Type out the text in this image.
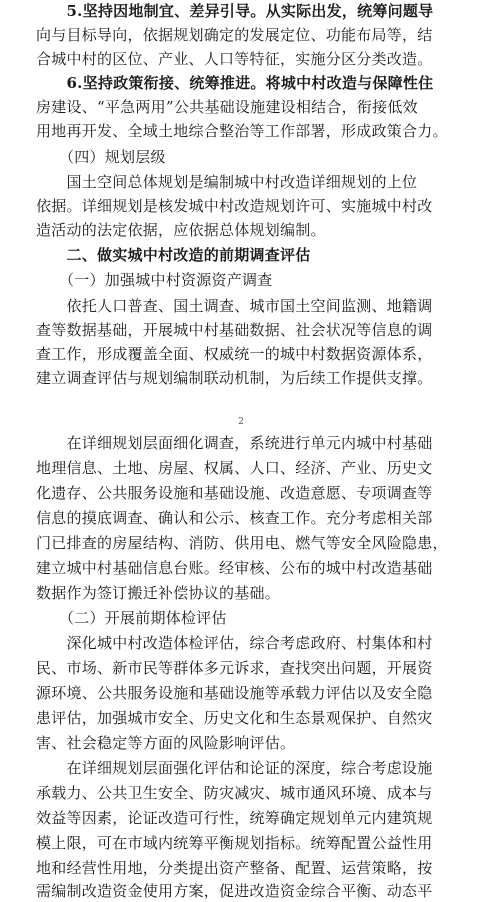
　　5.坚持因地制宜、差异引导。从实际出发，统筹问题导
向与目标导向，依据规划确定的发展定位、功能布局等，结
合城中村的区位、产业、人口等特征，实施分区分类改造。
　　6.坚持政策衔接、统筹推进。将城中村改造与保障性住
房建设、“平急两用”公共基础设施建设相结合，衔接低效
用地再开发、全域土地综合整治等工作部署，形成政策合力。
　　（四）规划层级
　　国土空间总体规划是编制城中村改造详细规划的上位
依据。详细规划是核发城中村改造规划许可、实施城中村改
造活动的法定依据，应依据总体规划编制。
　　二、做实城中村改造的前期调查评估
　　（一）加强城中村资源资产调查
　　依托人口普查、国土调查、城市国土空间监测、地籍调
查等数据基础，开展城中村基础数据、社会状况等信息的调
查工作，形成覆盖全面、权威统一的城中村数据资源体系，
建立调查评估与规划编制联动机制，为后续工作提供支撑。
2
　　在详细规划层面细化调查，系统进行单元内城中村基础
地理信息、土地、房屋、权属、人口、经济、产业、历史文
化遗存、公共服务设施和基础设施、改造意愿、专项调查等
信息的摸底调查、确认和公示、核查工作。充分考虑相关部
门已排查的房屋结构、消防、供用电、燃气等安全风险隐患，
建立城中村基础信息台账。经审核、公布的城中村改造基础
数据作为签订搬迁补偿协议的基础。
　　（二）开展前期体检评估
　　深化城中村改造体检评估，综合考虑政府、村集体和村
民、市场、新市民等群体多元诉求，查找突出问题，开展资
源环境、公共服务设施和基础设施等承载力评估以及安全隐
患评估，加强城市安全、历史文化和生态景观保护、自然灾
害、社会稳定等方面的风险影响评估。
　　在详细规划层面强化评估和论证的深度，综合考虑设施
承载力、公共卫生安全、防灾减灾、城市通风环境、成本与
效益等因素，论证改造可行性，统筹确定规划单元内建筑规
模上限，可在市域内统筹平衡规划指标。统筹配置公益性用
地和经营性用地，分类提出资产整备、配置、运营策略，按
需编制改造资金使用方案，促进改造资金综合平衡、动态平
